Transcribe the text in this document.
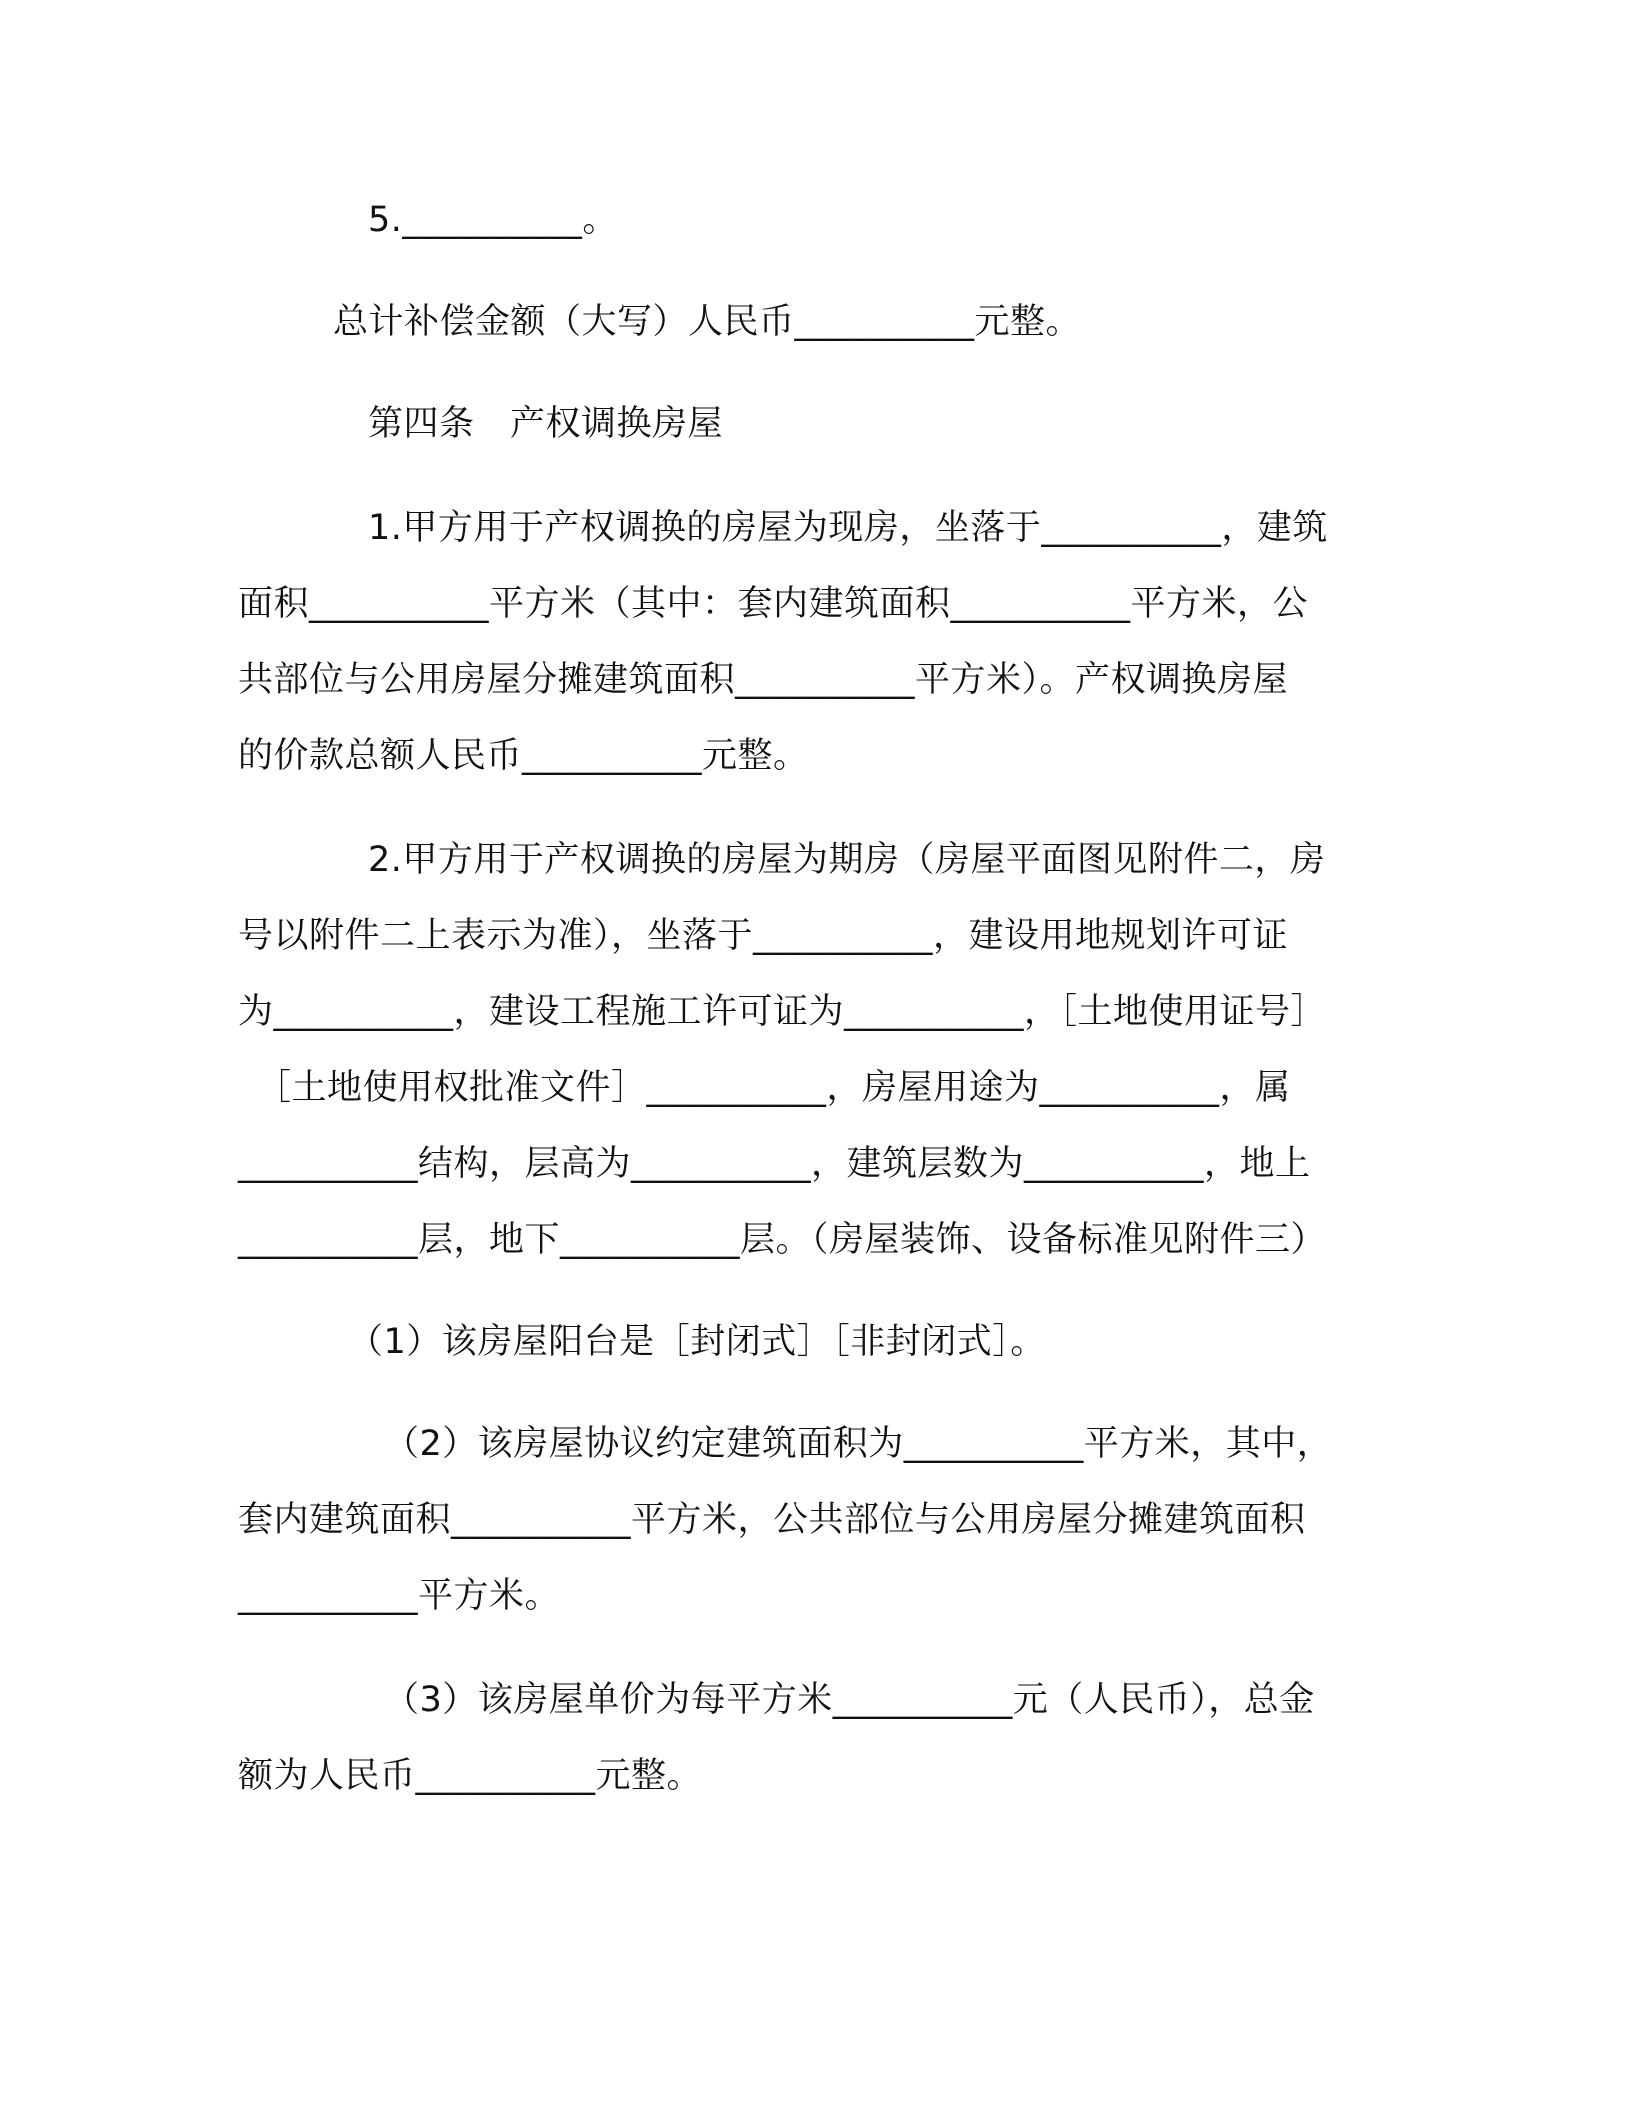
5.__________。
总计补偿金额（大写）人民币__________元整。
第四条　产权调换房屋
1.甲方用于产权调换的房屋为现房，坐落于__________，建筑
面积__________平方米（其中：套内建筑面积__________平方米，公
共部位与公用房屋分摊建筑面积__________平方米）。产权调换房屋
的价款总额人民币__________元整。
2.甲方用于产权调换的房屋为期房（房屋平面图见附件二，房
号以附件二上表示为准），坐落于__________，建设用地规划许可证
为__________，建设工程施工许可证为__________，［土地使用证号］
［土地使用权批准文件］__________，房屋用途为__________，属
__________结构，层高为__________，建筑层数为__________，地上
__________层，地下__________层。（房屋装饰、设备标准见附件三）
（1）该房屋阳台是［封闭式］［非封闭式］。
（2）该房屋协议约定建筑面积为__________平方米，其中，
套内建筑面积__________平方米，公共部位与公用房屋分摊建筑面积
__________平方米。
（3）该房屋单价为每平方米__________元（人民币），总金
额为人民币__________元整。
